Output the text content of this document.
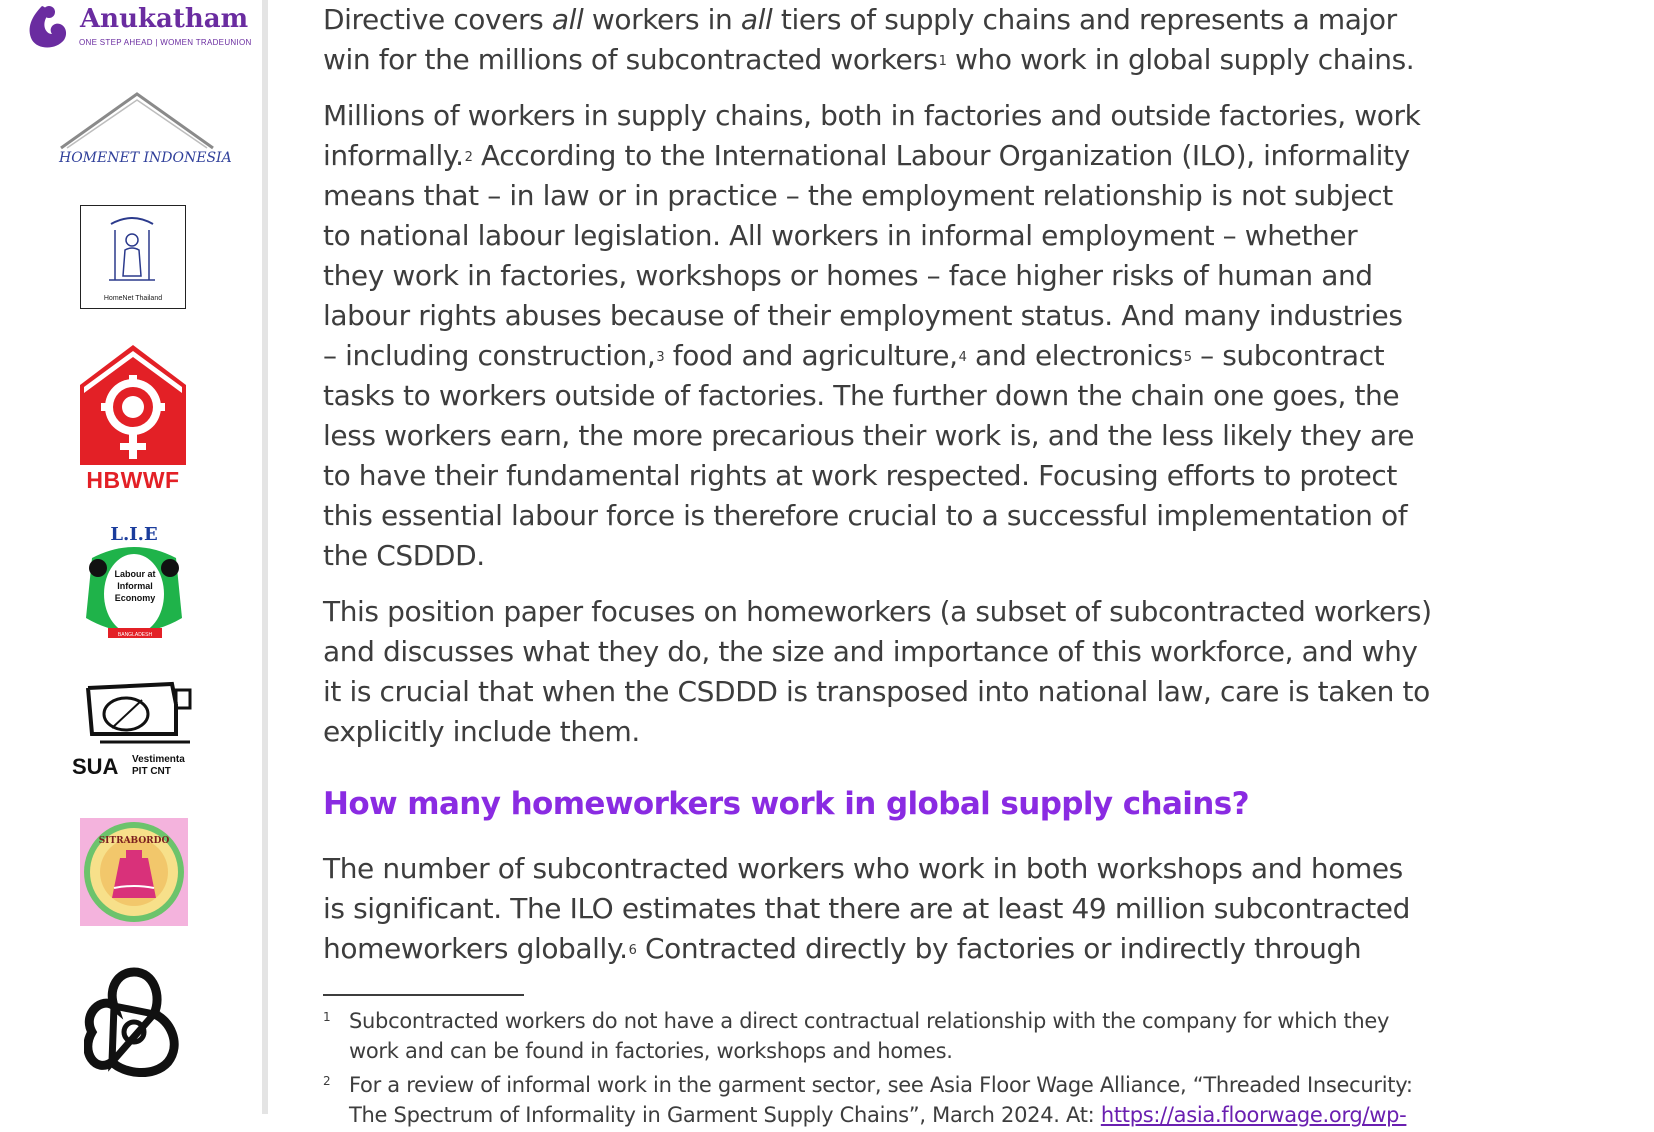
Anukatham
ONE STEP AHEAD | WOMEN TRADEUNION
HOMENET INDONESIA
HomeNet Thailand
HBWWF
L.I.E
Labour at Informal Economy
BANGLADESH
SUA Vestimenta PIT CNT
SITRABORDO

Directive covers all workers in all tiers of supply chains and represents a major
win for the millions of subcontracted workers$^1$ who work in global supply chains.

Millions of workers in supply chains, both in factories and outside factories, work
informally.$^2$ According to the International Labour Organization (ILO), informality
means that – in law or in practice – the employment relationship is not subject
to national labour legislation. All workers in informal employment – whether
they work in factories, workshops or homes – face higher risks of human and
labour rights abuses because of their employment status. And many industries
– including construction,$^3$ food and agriculture,$^4$ and electronics$^5$ – subcontract
tasks to workers outside of factories. The further down the chain one goes, the
less workers earn, the more precarious their work is, and the less likely they are
to have their fundamental rights at work respected. Focusing efforts to protect
this essential labour force is therefore crucial to a successful implementation of
the CSDDD.

This position paper focuses on homeworkers (a subset of subcontracted workers)
and discusses what they do, the size and importance of this workforce, and why
it is crucial that when the CSDDD is transposed into national law, care is taken to
explicitly include them.

How many homeworkers work in global supply chains?

The number of subcontracted workers who work in both workshops and homes
is significant. The ILO estimates that there are at least 49 million subcontracted
homeworkers globally.$^6$ Contracted directly by factories or indirectly through

1 Subcontracted workers do not have a direct contractual relationship with the company for which they
work and can be found in factories, workshops and homes.
2 For a review of informal work in the garment sector, see Asia Floor Wage Alliance, “Threaded Insecurity:
The Spectrum of Informality in Garment Supply Chains”, March 2024. At: https://asia.floorwage.org/wp-
